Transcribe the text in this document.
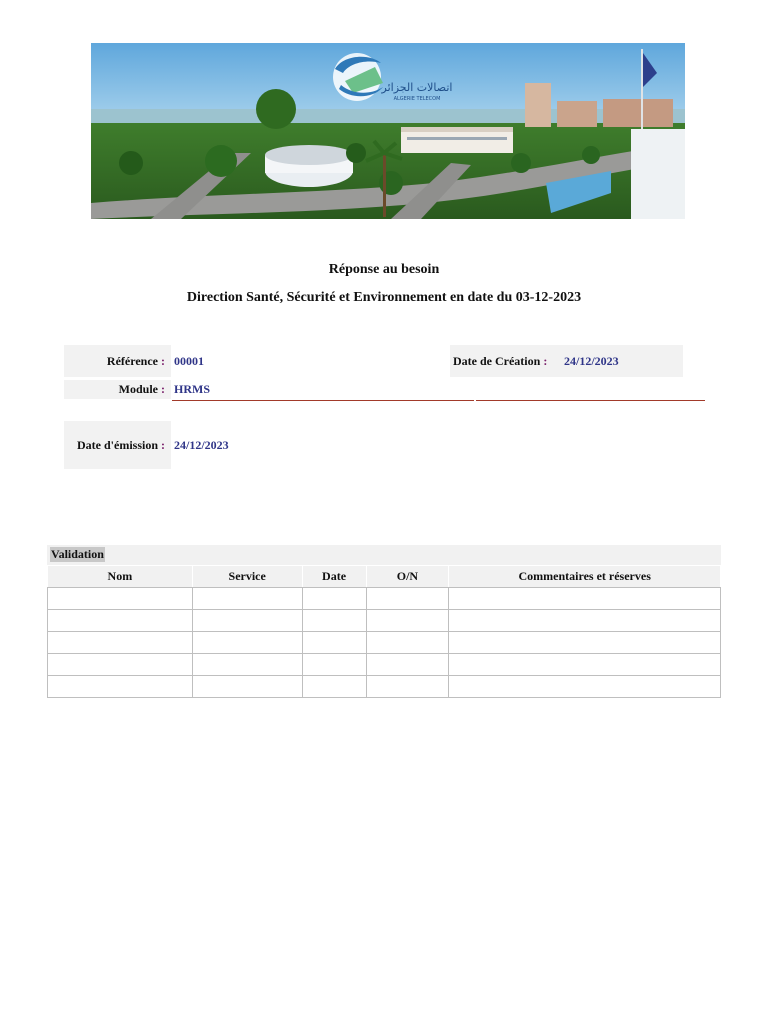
اتصالات الجزائر
ALGERIE TELECOM
Réponse au besoin
Direction Santé, Sécurité et Environnement en date du 03-12-2023
Référence : 00001	Date de Création : 24/12/2023
Module : HRMS
Date d'émission : 24/12/2023
Validation
Nom	Service	Date	O/N	Commentaires et réserves
